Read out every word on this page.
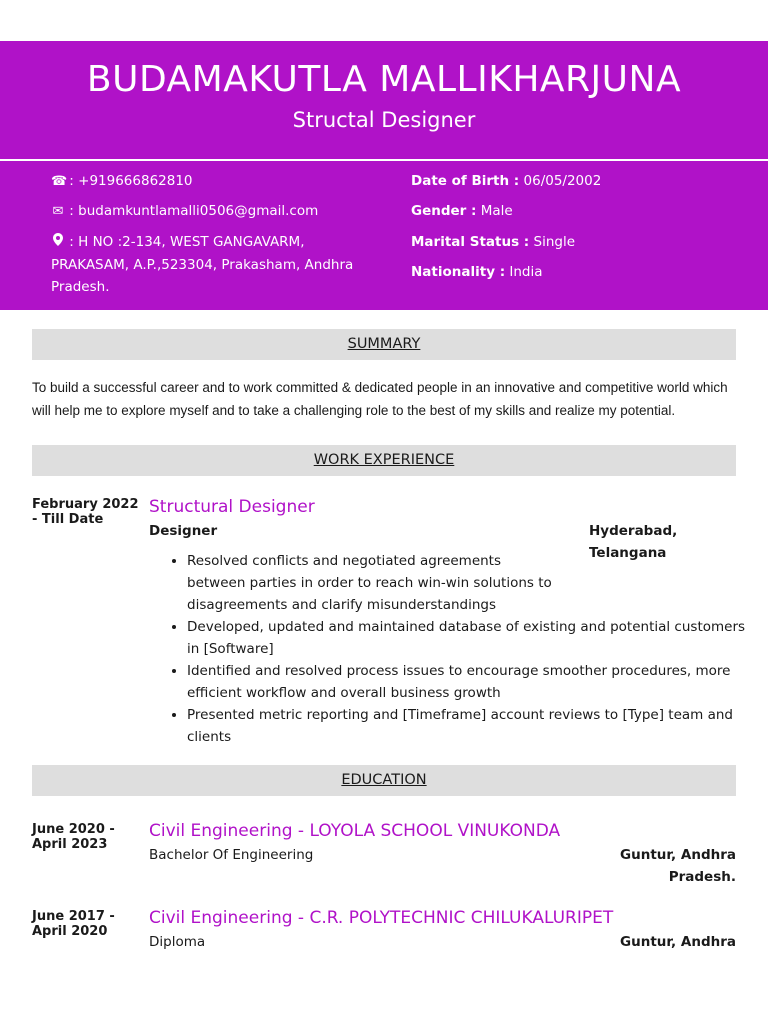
BUDAMAKUTLA MALLIKHARJUNA
Structal Designer
☎ : +919666862810
✉ : budamkuntlamalli0506@gmail.com
: H NO :2-134, WEST GANGAVARM, PRAKASAM, A.P.,523304, Prakasham, Andhra Pradesh.
Date of Birth : 06/05/2002
Gender : Male
Marital Status : Single
Nationality : India
SUMMARY
To build a successful career and to work committed & dedicated people in an innovative and competitive world which will help me to explore myself and to take a challenging role to the best of my skills and realize my potential.
WORK EXPERIENCE
February 2022 - Till Date
Structural Designer
Designer	Hyderabad, Telangana
• Resolved conflicts and negotiated agreements between parties in order to reach win-win solutions to disagreements and clarify misunderstandings
• Developed, updated and maintained database of existing and potential customers in [Software]
• Identified and resolved process issues to encourage smoother procedures, more efficient workflow and overall business growth
• Presented metric reporting and [Timeframe] account reviews to [Type] team and clients
EDUCATION
June 2020 - April 2023
Civil Engineering - LOYOLA SCHOOL VINUKONDA
Bachelor Of Engineering	Guntur, Andhra Pradesh.
June 2017 - April 2020
Civil Engineering - C.R. POLYTECHNIC CHILUKALURIPET
Diploma	Guntur, Andhra
